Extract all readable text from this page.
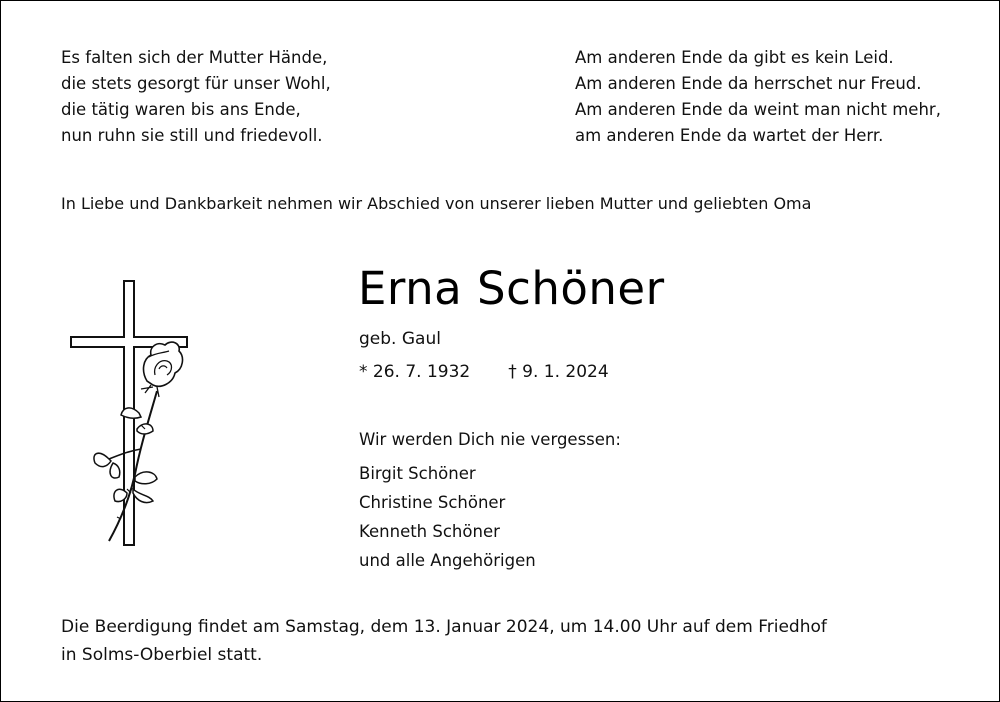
Es falten sich der Mutter Hände,
die stets gesorgt für unser Wohl,
die tätig waren bis ans Ende,
nun ruhn sie still und friedevoll.
Am anderen Ende da gibt es kein Leid.
Am anderen Ende da herrschet nur Freud.
Am anderen Ende da weint man nicht mehr,
am anderen Ende da wartet der Herr.
In Liebe und Dankbarkeit nehmen wir Abschied von unserer lieben Mutter und geliebten Oma
Erna Schöner
geb. Gaul
* 26. 7. 1932 † 9. 1. 2024
Wir werden Dich nie vergessen:
Birgit Schöner
Christine Schöner
Kenneth Schöner
und alle Angehörigen
Die Beerdigung findet am Samstag, dem 13. Januar 2024, um 14.00 Uhr auf dem Friedhof
in Solms-Oberbiel statt.
